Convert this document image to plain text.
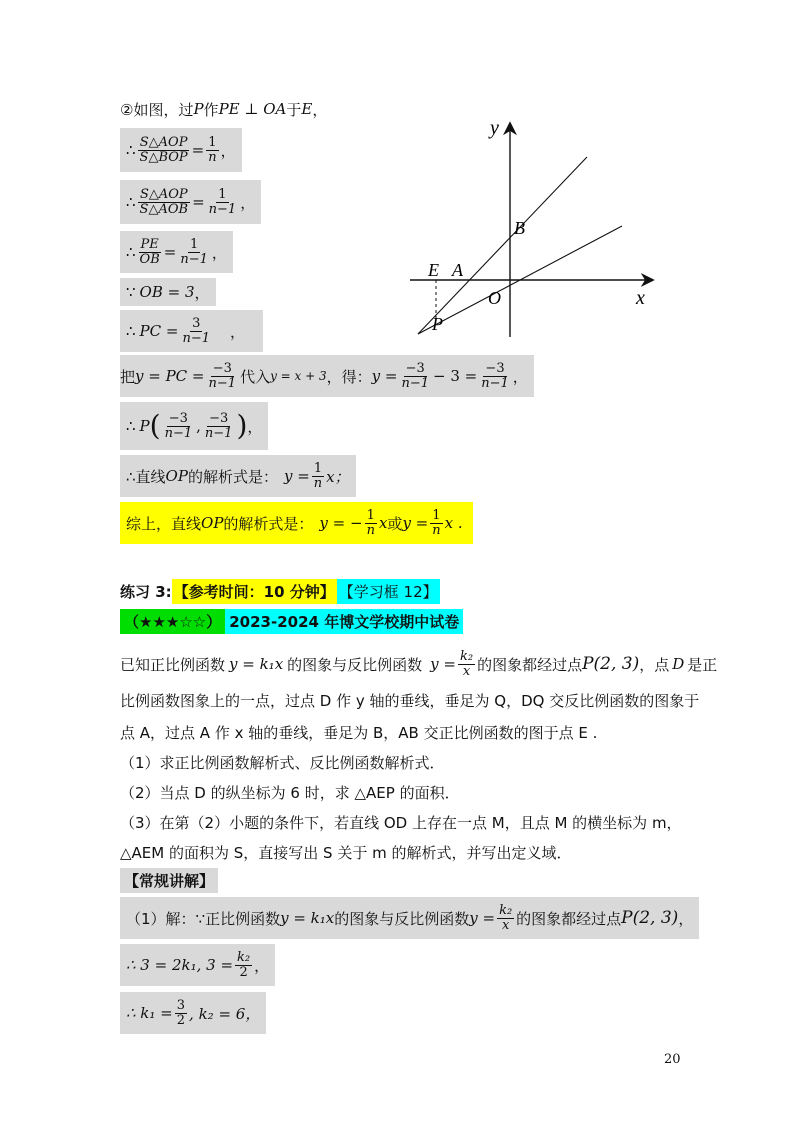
②如图，过 P 作 PE ⊥ OA 于 E ，
∴ $\frac{\text{S△AOP}}{\text{S△BOP}} = \frac{1}{n}$ ，
∴ $\frac{\text{S△AOP}}{\text{S△AOB}} = \frac{1}{n-1}$ ，
∴ $\frac{PE}{OB} = \frac{1}{n-1}$ ，
∵ OB = 3 ，
∴ PC = $\frac{3}{n-1}$ ，
把 y = PC = $\frac{-3}{n-1}$ 代入 y = x + 3 ，得： $y = \frac{-3}{n-1} - 3 = \frac{-3}{n-1}$ ，
∴ P ( $\frac{-3}{n-1}$ , $\frac{-3}{n-1}$ ) ，
∴直线 OP 的解析式是： $y = \frac{1}{n}$ x；
综上，直线 OP 的解析式是： y = − $\frac{1}{n}$ x 或 $y = \frac{1}{n}$ x .
y
x
B
E A
O
P
练习 3: 【参考时间：10 分钟】 【学习框 12】
（★★★☆☆） 2023-2024 年博文学校期中试卷
已知正比例函数 y = k₁x 的图象与反比例函数 $y = \frac{\text{k₂}}{x}$ 的图象都经过点 P(2, 3) ，点 D 是正
比例函数图象上的一点，过点 D 作 y 轴的垂线，垂足为 Q，DQ 交反比例函数的图象于
点 A，过点 A 作 x 轴的垂线，垂足为 B，AB 交正比例函数的图于点 E .
（1）求正比例函数解析式、反比例函数解析式．
（2）当点 D 的纵坐标为 6 时，求 △AEP 的面积．
（3）在第（2）小题的条件下，若直线 OD 上存在一点 M，且点 M 的横坐标为 m，
△AEM 的面积为 S，直接写出 S 关于 m 的解析式，并写出定义域．
【常规讲解】
（1）解：∵正比例函数 y = k₁x 的图象与反比例函数 $y = \frac{\text{k₂}}{x}$ 的图象都经过点 P(2, 3) ，
∴ 3 = 2k₁, $3 = \frac{\text{k₂}}{2}$ ，
∴ $k_1 = \frac{3}{2}$ , k₂ = 6，
20
